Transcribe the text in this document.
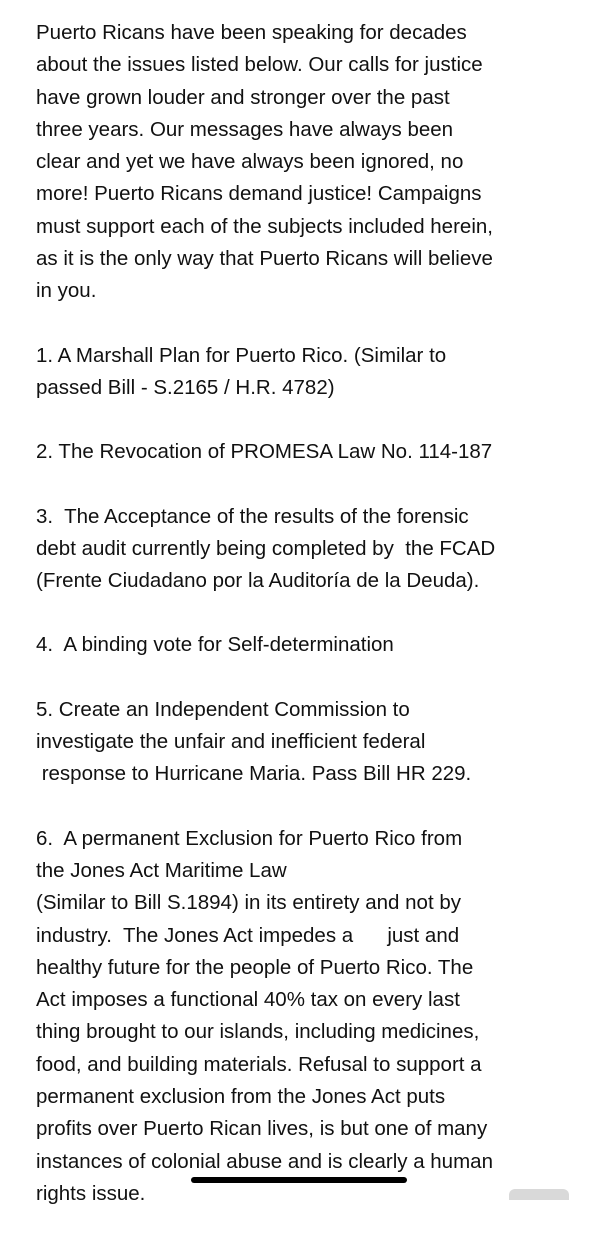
Puerto Ricans have been speaking for decades
about the issues listed below. Our calls for justice
have grown louder and stronger over the past
three years. Our messages have always been
clear and yet we have always been ignored, no
more! Puerto Ricans demand justice! Campaigns
must support each of the subjects included herein,
as it is the only way that Puerto Ricans will believe
in you.
1. A Marshall Plan for Puerto Rico. (Similar to
passed Bill - S.2165 / H.R. 4782)
2. The Revocation of PROMESA Law No. 114-187
3.  The Acceptance of the results of the forensic
debt audit currently being completed by  the FCAD
(Frente Ciudadano por la Auditoría de la Deuda).
4.  A binding vote for Self-determination
5. Create an Independent Commission to
investigate the unfair and inefficient federal
response to Hurricane Maria. Pass Bill HR 229.
6.  A permanent Exclusion for Puerto Rico from
the Jones Act Maritime Law
(Similar to Bill S.1894) in its entirety and not by
industry.  The Jones Act impedes a      just and
healthy future for the people of Puerto Rico. The
Act imposes a functional 40% tax on every last
thing brought to our islands, including medicines,
food, and building materials. Refusal to support a
permanent exclusion from the Jones Act puts
profits over Puerto Rican lives, is but one of many
instances of colonial abuse and is clearly a human
rights issue.
